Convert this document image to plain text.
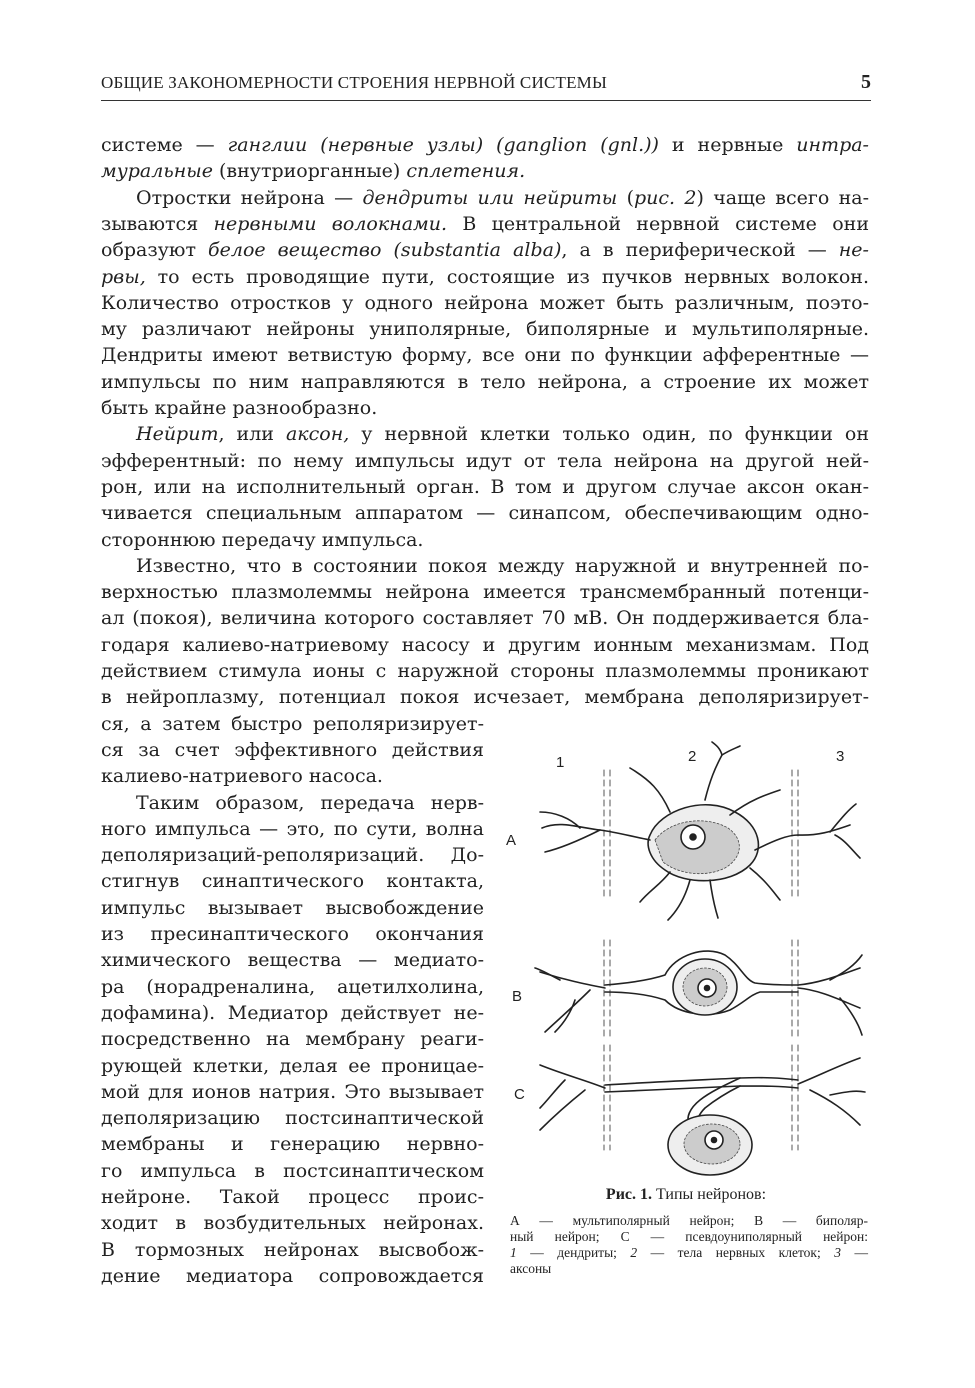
ОБЩИЕ ЗАКОНОМЕРНОСТИ СТРОЕНИЯ НЕРВНОЙ СИСТЕМЫ	5
системе — ганглии (нервные узлы) (ganglion (gnl.)) и нервные интра-
муральные (внутриорганные) сплетения.
Отростки нейрона — дендриты или нейриты (рис. 2) чаще всего на-
зываются нервными волокнами. В центральной нервной системе они
образуют белое вещество (substantia alba), а в периферической — не-
рвы, то есть проводящие пути, состоящие из пучков нервных волокон.
Количество отростков у одного нейрона может быть различным, поэто-
му различают нейроны униполярные, биполярные и мультиполярные.
Дендриты имеют ветвистую форму, все они по функции афферентные —
импульсы по ним направляются в тело нейрона, а строение их может
быть крайне разнообразно.
Нейрит, или аксон, у нервной клетки только один, по функции он
эфферентный: по нему импульсы идут от тела нейрона на другой ней-
рон, или на исполнительный орган. В том и другом случае аксон окан-
чивается специальным аппаратом — синапсом, обеспечивающим одно-
стороннюю передачу импульса.
Известно, что в состоянии покоя между наружной и внутренней по-
верхностью плазмолеммы нейрона имеется трансмембранный потенци-
ал (покоя), величина которого составляет 70 мВ. Он поддерживается бла-
годаря калиево-натриевому насосу и другим ионным механизмам. Под
действием стимула ионы с наружной стороны плазмолеммы проникают
в нейроплазму, потенциал покоя исчезает, мембрана деполяризирует-
ся, а затем быстро реполяризирует-
ся за счет эффективного действия
калиево-натриевого насоса.
Таким образом, передача нерв-
ного импульса — это, по сути, волна
деполяризаций-реполяризаций. До-
стигнув синаптического контакта,
импульс вызывает высвобождение
из пресинаптического окончания
химического вещества — медиато-
ра (норадреналина, ацетилхолина,
дофамина). Медиатор действует не-
посредственно на мембрану реаги-
рующей клетки, делая ее проницае-
мой для ионов натрия. Это вызывает
деполяризацию постсинаптической
мембраны и генерацию нервно-
го импульса в постсинаптическом
нейроне. Такой процесс проис-
ходит в возбудительных нейронах.
В тормозных нейронах высвобож-
дение медиатора сопровождается
1	2	3
A
B
C
Рис. 1. Типы нейронов:
А — мультиполярный нейрон; В — биполяр-
ный нейрон; С — псевдоуниполярный нейрон:
1 — дендриты; 2 — тела нервных клеток; 3 —
аксоны
